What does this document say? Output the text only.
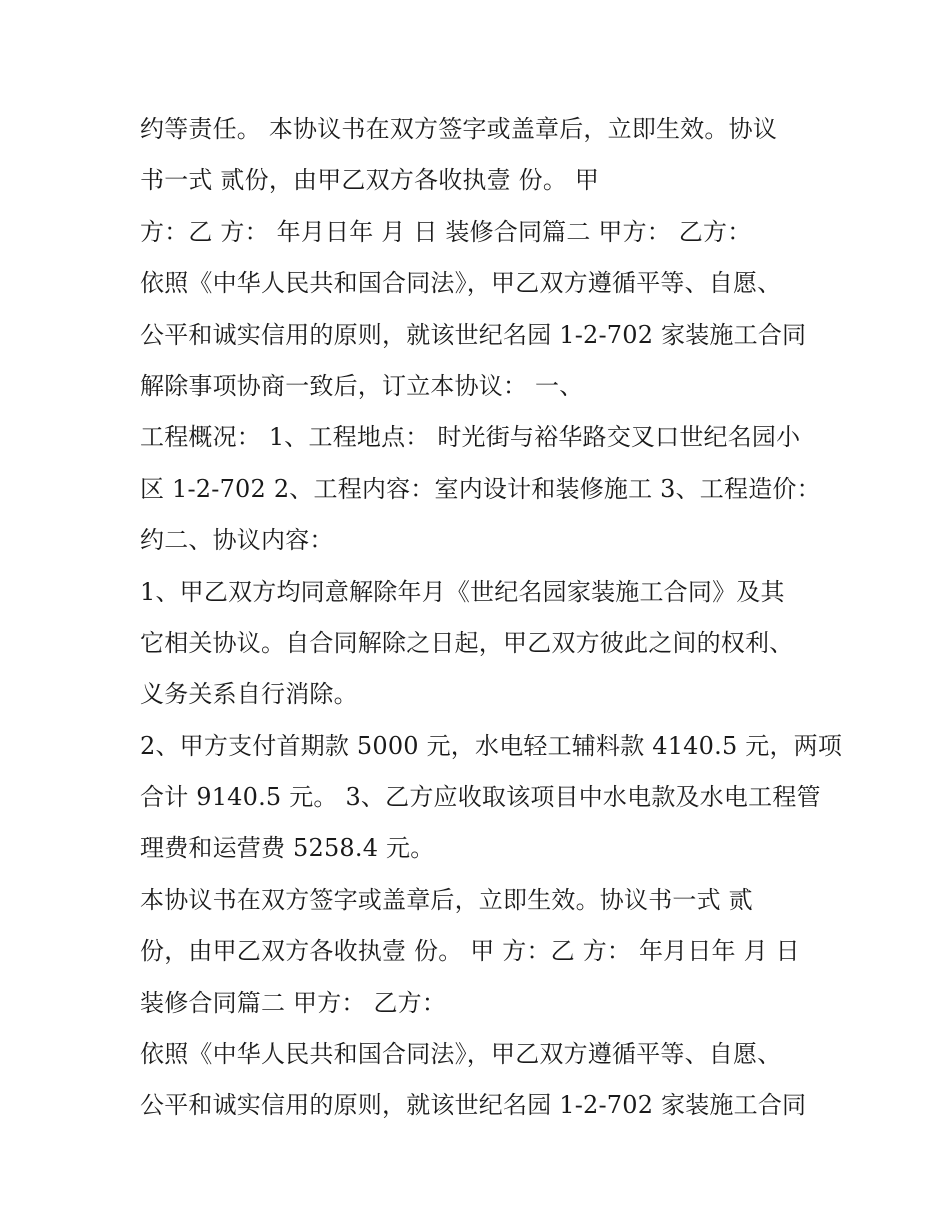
约等责任。 本协议书在双方签字或盖章后，立即生效。协议
书一式 贰份，由甲乙双方各收执壹 份。 甲
方：乙 方： 年月日年 月 日 装修合同篇二 甲方： 乙方：
依照《中华人民共和国合同法》，甲乙双方遵循平等、自愿、
公平和诚实信用的原则，就该世纪名园 1-2-702 家装施工合同
解除事项协商一致后，订立本协议： 一、
工程概况： 1、工程地点： 时光街与裕华路交叉口世纪名园小
区 1-2-702 2、工程内容：室内设计和装修施工 3、工程造价：
约二、协议内容：
1、甲乙双方均同意解除年月《世纪名园家装施工合同》及其
它相关协议。自合同解除之日起，甲乙双方彼此之间的权利、
义务关系自行消除。
2、甲方支付首期款 5000 元，水电轻工辅料款 4140.5 元，两项
合计 9140.5 元。 3、乙方应收取该项目中水电款及水电工程管
理费和运营费 5258.4 元。
本协议书在双方签字或盖章后，立即生效。协议书一式 贰
份，由甲乙双方各收执壹 份。 甲 方：乙 方： 年月日年 月 日
装修合同篇二 甲方： 乙方：
依照《中华人民共和国合同法》，甲乙双方遵循平等、自愿、
公平和诚实信用的原则，就该世纪名园 1-2-702 家装施工合同
